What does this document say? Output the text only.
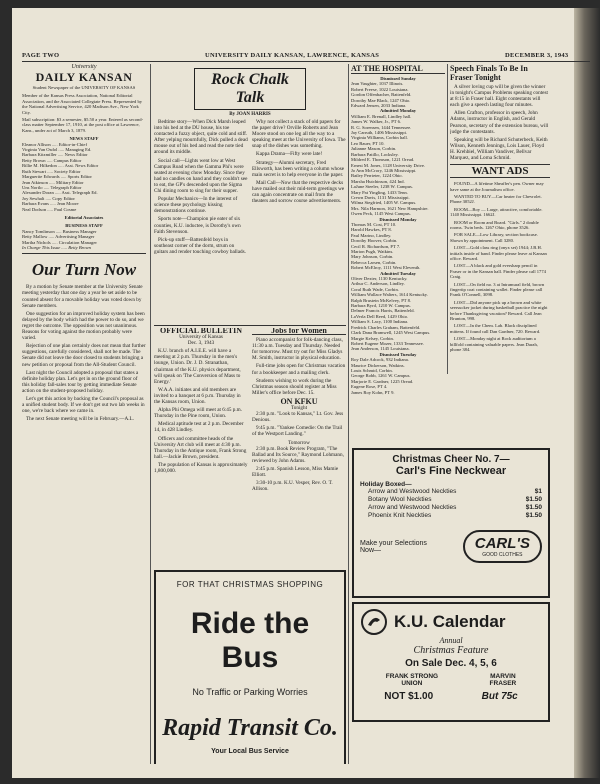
PAGE TWO	UNIVERSITY DAILY KANSAN, LAWRENCE, KANSAS	DECEMBER 3, 1943
University
DAILY KANSAN
Student Newspaper of the UNIVERSITY OF KANSAS
Member of the Kansas Press Association, National Editorial Association, and the Associated Collegiate Press. Represented by the National Advertising Service, 420 Madison Ave., New York City.
Mail subscription: $3 a semester, $5.50 a year. Entered as second-class matter September 17, 1910, at the post office at Lawrence, Kans., under act of March 3, 1879.
NEWS STAFF
Eleanor Allison ..... Editor-in-Chief
Virginia Van Osdol ..... Managing Ed.
Barbara Kitzmiller ..... News Editor
Betty Brown ..... Campus Editor
Billie M. Hilkedon ..... Asst. News Editor
Ruth Stewart ..... Society Editor
Marguerite Edwards ..... Sports Editor
Jean Atkinson ..... Military Editor
Uns Nortlo ..... Telegraph Editor
Alexander Doran ..... Asst. Telegraph Ed.
Joy Sewhalt ..... Copy Editor
Barbara Evans ..... Jean Moore
Neal Dodson ..... Paul Cosme
Editorial Associates
BUSINESS STAFF
Nancy Tomlinson ..... Business Manager
Betty Mallow ..... Advertising Manager
Martha Nichols ..... Circulation Manager
In Charge This Issue ..... Betty Brown
Our Turn Now

By a motion by Senate member at the University Senate meeting yesterday that one day a year be set aside to be counted absent for a movable holiday was voted down by Senate members.

One suggestion for an improved holiday system has been delayed by the body which had the power to do so, and we regret the outcome. The opposition was not unanimous. Reasons for voting against the motion probably were varied.

Rejection of one plan certainly does not mean that further suggestions, carefully considered, shall not be made. The Senate did not leave the door closed to students bringing a new petition or proposal from the All-Student Council.

Last night the Council adopted a proposal that states a definite holiday plan. Let's get in on the ground floor of this holiday fall-sales tour by getting immediate Senate action on the student-proposed holiday.

Let's get this action by backing the Council's proposal as a unified student body. If we don't get out two lab weeks in one, we're back where we came in.

The next Senate meeting will be in February.—A.L.

Rock Chalk Talk
By JOAN HARRIS

Bedtime story—When Dick Marsh leaped into his bed at the DU house, his toe contacted a fuzzy object, quite cold and stiff. After yelping mournfully, Dick pulled a dead mouse out of his bed and read the note tied around its middle.

Social call—Lights went low at West Campus Road when the Gamma Phi's were seated at evening chow Monday. Since they had no candles on hand and they couldn't see to eat, the GP's descended upon the Sigma Chi dining room to sing for their supper.

Popular Mechanics—In the interest of science these psychology kissing demonstrations continue.

Sports note—Champion pie eater of six counties, K.U. inductee, is Dorothy's own Faith Stevenson.

Pick-up stuff—Battenfeld boys in southeast corner of the dorm, strum on guitars and render touching cowboy ballads.

Why not collect a stack of old papers for the paper drive? Orville Roberts and Jean Moore stood on one leg all the way to a speaking meet at the University of Iowa. The snap of the dishes was something.

Kappa Drama—Fifty were late!

Strategy—Alumni secretary, Fred Ellsworth, has been writing a column whose main secret is to help everyone in the paper.

Mail Call—Now that the respective decks have mailed out their mid-term greetings we can again concentrate on mail from the theaters and sorrow course advertisements.

OFFICIAL BULLETIN
University of Kansas
Dec. 3, 1943

K.U. branch of A.I.E.E. will have a meeting at 2 p.m. Thursday in the men's lounge, Union. Dr. J. D. Stranathan, chairman of the K.U. physics department, will speak on 'The Conversion of Mass to Energy.'

W.A.A. initiates and old members are invited to a banquet at 6 p.m. Thursday in the Kansas room, Union.

Alpha Phi Omega will meet at 6:45 p.m. Thursday in the Pine room, Union.

Medical aptitude test at 2 p.m. December 14, in 428 Lindley.

Officers and committee heads of the University Art club will meet at 4:30 p.m. Thursday in the Antique room, Frank Strong hall.—Jackie Brown, president.

The population of Kansas is approximately 1,800,000.

Jobs for Women

Piano accompanist for folk-dancing class, 11:30 a.m. Tuesday and Thursday. Needed for tomorrow. Must try out for Miss Gladys M. Smith, instructor in physical education.

Full-time jobs open for Christmas vacation for a bookkeeper and a mailing clerk.

Students wishing to work during the Christmas season should register at Miss Miller's office before Dec. 15.

ON KFKU
Tonight

2:30 p.m. "Look to Kansas," Lt. Gov. Jess Denious.

9:45 p.m. "Yankee Comedie: On the Trail of the Westport Landing."

Tomorrow

2:30 p.m. Book Review Program, "The Ballad and Its Source," Raymond Lohmann, reviewed by John Adams.

2:45 p.m. Spanish Lesson, Miss Mamie Elliott.

3:30-10 p.m. K.U. Vesper, Rev. O. T. Allison.

FOR THAT CHRISTMAS SHOPPING
Ride the Bus
No Traffic or Parking Worries
Rapid Transit Co.
Your Local Bus Service
AT THE HOSPITAL
Dismissed Sunday
Jean Vaughter, 1037 Illinois.
Robert Freese, 1022 Louisiana.
Gordon Offenbacher, Battenfeld.
Dorothy Mae Black, 1247 Ohio.
Edward Jensen, 2033 Indiana.
Admitted Monday
William E. Brenall, Lindley hall.
James W. Walker, Jr., PT 6.
R. G. Sorensen, 1444 Tennessee.
Jay Carruth, 1406 Mississippi.
Virginia Williams, Corbin hall.
Leo Bauer, PT 10.
Julianne Mason, Corbin.
Barbara Patillo, Locksley.
Mildred E. Thomson, 1221 Oread.
Ernest M. Jones, 1128 University Drive.
Jo Ann McCrory, 1246 Mississippi.
Bailey Perrieter, 1224 Ohio.
Marsha Hutchinson, 424 Ind.
LaJune Steeler, 1238 W. Campus.
Mary Pat Yingling, 1433 Tenn.
Crewn Davis, 1131 Mississippi.
Wilma Siegfried, 1405 W. Campus.
Mrs. Nila Harmon, 1621 New Hampshire.
Owen Peck, 1145 West Campus.
Dismissed Monday
Thomas M. Cost, PT 10.
Harold Hawkes, PT 8.
Paul Marino, Lindley.
Dorothy Hoover, Corbin.
Cecil R. Richardson, PT 7.
Marion Pugh, Watkins.
Mary Johnson, Corbin.
Rebecca Larsen, Corbin.
Robert McElroy, 1111 West Eleventh.
Admitted Tuesday
Oliver Dexter, 1130 Kentucky.
Arthur C. Anderson, Lindley.
Coral Ruth Wade, Corbin.
William Wallace Walters, 1614 Kentucky.
Ralph Brustein McKelvey, PT 8.
Barbara Byrd, 1210 W. Campus.
Delmer Francis Harris, Battenfeld.
LaVerla Dell Reed, 1429 Ohio.
William S. Lacy, 1100 Indiana.
Fredrick Charles Graham, Battenfeld.
Clark Dana Bramwell, 1245 West Campus.
Margie Kelsey, Corbin.
Robert Eugene Mozer, 1333 Tennessee.
Jean Anderson, 1145 Louisiana.
Dismissed Tuesday
Roy Dale Adcock, 932 Indiana.
Maurice Dickerson, Watkins.
Louis Schmid, Corbin.
George Robb, 1261 W. Campus.
Marjorie E. Gardner, 1225 Oread.
Eugene Rose, PT 4.
James Roy Kohn, PT 9.
Speech Finals To Be In Fraser Tonight

A silver loving cup will be given the winner in tonight's Campus Problems speaking contest at 8:15 in Fraser hall. Eight contestants will each give a speech lasting four minutes.

Allen Crafton, professor in speech, John Adams, instructor in English, and Gerald Pearson, secretary of the extension bureau, will judge the contestants.

Speaking will be Richard Schuterbeck, Keith Wilson, Kenneth Jennings, Lois Lauer, Floyd H. Krehbiel, William Vandiver, Bellvar Marquez, and Lorna Schmid.

WANT ADS

FOUND—A lifetime Sheaffer's pen. Owner may have same at the Journalism office.

WANTED TO BUY—Car heater for Chevrolet. Phone 3052J.

ROOM—Boy — Large, attractive, comfortable. 1140 Mississippi. 1662J.

ROOM or Room and Board. "Girls." 2 double rooms. Twin beds. 1267 Ohio, phone 3526.

FOR SALE—Low Library, section bookcase. Shown by appointment. Call 3280.

LOST—Gold class ring (onyx set) 1944; J.B.H. initials inside of band. Finder please leave at Kansan office. Reward.

LOST—A black and gold eversharp pencil in Fraser or in the Kansan hall. Finder please call 1774 Craig.

LOST—On field no. 3 at Intramural field, brown fingertip coat containing wallet. Finder please call Frank O'Connell, 3098.

LOST—Did anyone pick up a brown and white seersucker jacket during basketball practice the night before Thanksgiving vacation? Reward. Call Jean Brunton, 998.

LOST—In the Chem. Lab. Black disciplined mittens. If found call Dan Gardner, 720. Reward.

LOST—Monday night at Rock auditorium a billfold containing valuable papers. Jean Darah, phone 384.

Christmas Cheer No. 7—
Carl's Fine Neckwear
Holiday Boxed—
Arrow and Westwood Neckties	$1
Botany Wool Neckties	$1.50
Arrow and Westwood Neckties	$1.50
Phoenix Knit Neckties	$1.50
Make your Selections Now—	CARL'S
GOOD CLOTHES
K.U. Calendar
Annual
Christmas Feature
On Sale Dec. 4, 5, 6
FRANK STRONG
UNION
MARVIN
FRASER
NOT $1.00	But 75c
